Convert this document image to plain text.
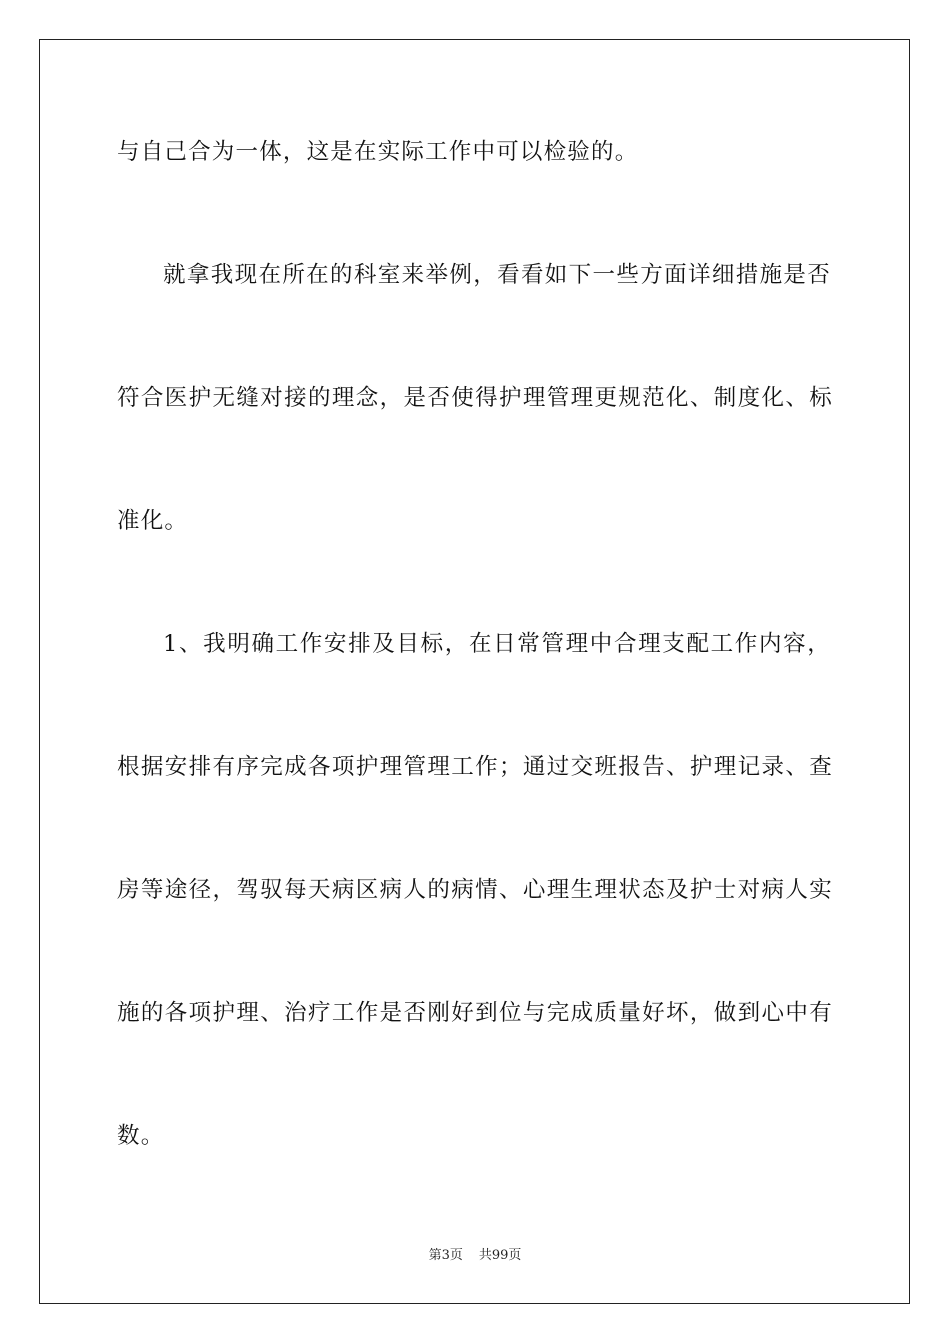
与自己合为一体，这是在实际工作中可以检验的。
就拿我现在所在的科室来举例，看看如下一些方面详细措施是否
符合医护无缝对接的理念，是否使得护理管理更规范化、制度化、标
准化。
1、我明确工作安排及目标，在日常管理中合理支配工作内容，
根据安排有序完成各项护理管理工作；通过交班报告、护理记录、查
房等途径，驾驭每天病区病人的病情、心理生理状态及护士对病人实
施的各项护理、治疗工作是否刚好到位与完成质量好坏，做到心中有
数。
第3页 共99页
